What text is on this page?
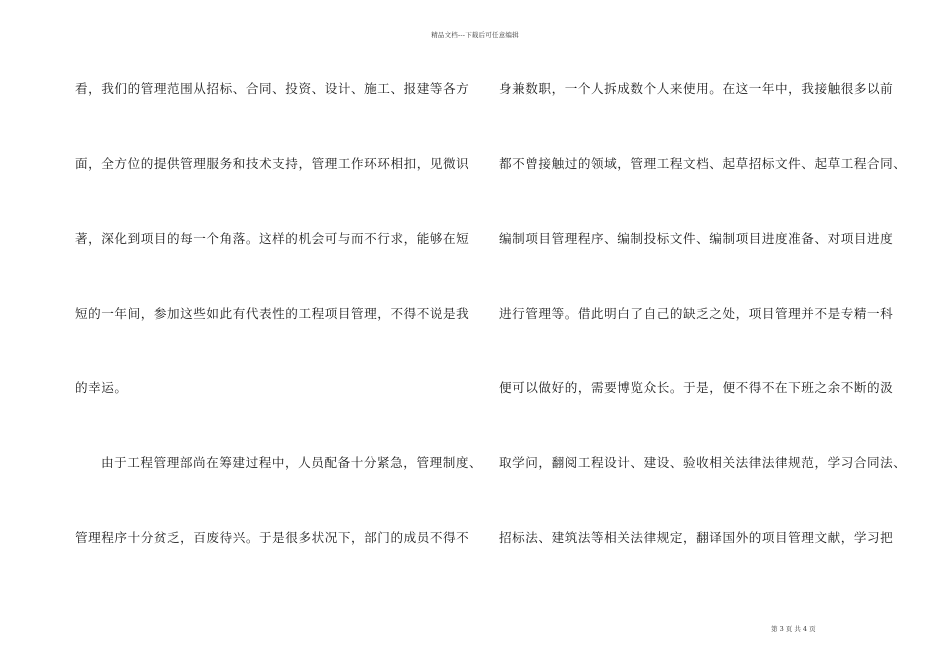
精品文档---下载后可任意编辑
看，我们的管理范围从招标、合同、投资、设计、施工、报建等各方
面，全方位的提供管理服务和技术支持，管理工作环环相扣，见微识
著，深化到项目的每一个角落。这样的机会可与而不行求，能够在短
短的一年间，参加这些如此有代表性的工程项目管理，不得不说是我
的幸运。
由于工程管理部尚在筹建过程中，人员配备十分紧急，管理制度、
管理程序十分贫乏，百废待兴。于是很多状况下，部门的成员不得不
身兼数职，一个人拆成数个人来使用。在这一年中，我接触很多以前
都不曾接触过的领域，管理工程文档、起草招标文件、起草工程合同、
编制项目管理程序、编制投标文件、编制项目进度准备、对项目进度
进行管理等。借此明白了自己的缺乏之处，项目管理并不是专精一科
便可以做好的，需要博览众长。于是，便不得不在下班之余不断的汲
取学问，翻阅工程设计、建设、验收相关法律法律规范，学习合同法、
招标法、建筑法等相关法律规定，翻译国外的项目管理文献，学习把
第 3 页 共 4 页
